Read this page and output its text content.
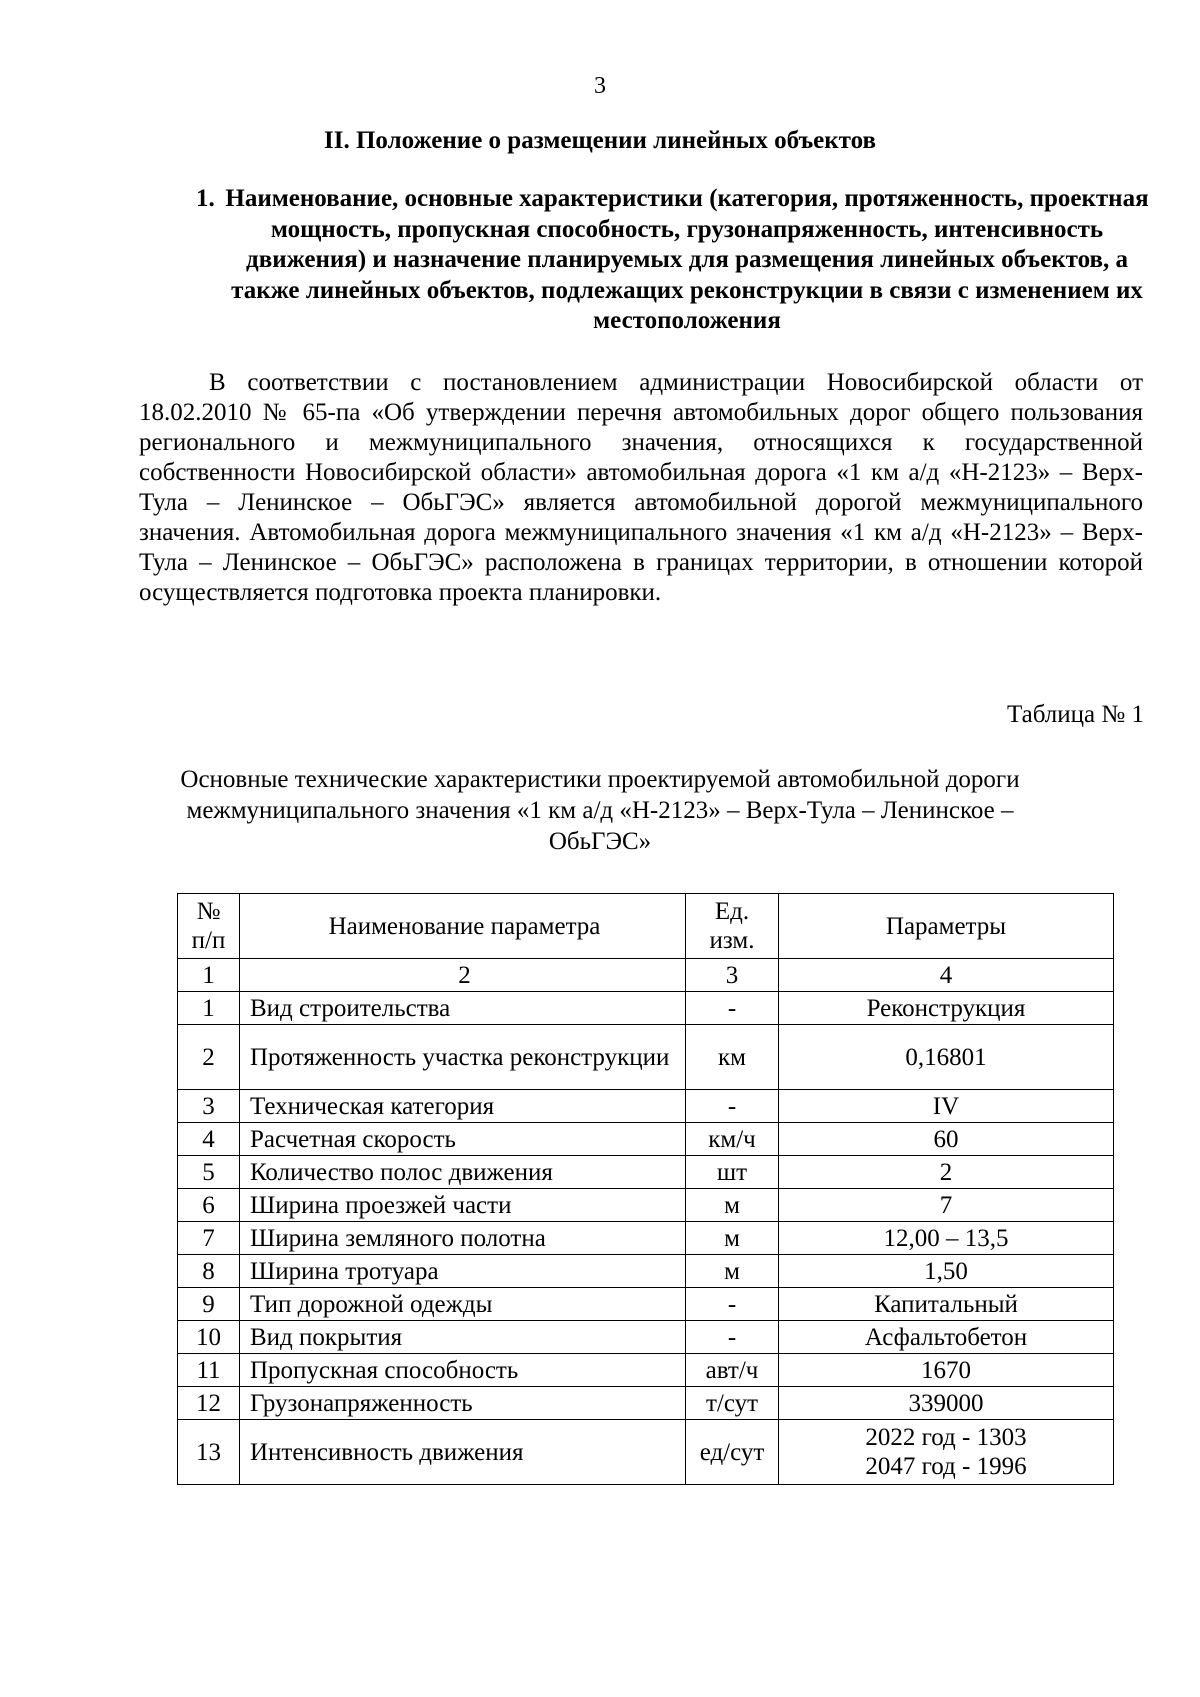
3
II. Положение о размещении линейных объектов
1. Наименование, основные характеристики (категория, протяженность, проектная мощность, пропускная способность, грузонапряженность, интенсивность движения) и назначение планируемых для размещения линейных объектов, а также линейных объектов, подлежащих реконструкции в связи с изменением их местоположения
В соответствии с постановлением администрации Новосибирской области от 18.02.2010 № 65-па «Об утверждении перечня автомобильных дорог общего пользования регионального и межмуниципального значения, относящихся к государственной собственности Новосибирской области» автомобильная дорога «1 км а/д «Н-2123» – Верх-Тула – Ленинское – ОбьГЭС» является автомобильной дорогой межмуниципального значения. Автомобильная дорога межмуниципального значения «1 км а/д «Н-2123» – Верх-Тула – Ленинское – ОбьГЭС» расположена в границах территории, в отношении которой осуществляется подготовка проекта планировки.
Таблица № 1
Основные технические характеристики проектируемой автомобильной дороги межмуниципального значения «1 км а/д «Н-2123» – Верх-Тула – Ленинское – ОбьГЭС»
№ п/п	Наименование параметра	Ед. изм.	Параметры
1	2	3	4
1	Вид строительства	-	Реконструкция
2	Протяженность участка реконструкции	км	0,16801
3	Техническая категория	-	IV
4	Расчетная скорость	км/ч	60
5	Количество полос движения	шт	2
6	Ширина проезжей части	м	7
7	Ширина земляного полотна	м	12,00 – 13,5
8	Ширина тротуара	м	1,50
9	Тип дорожной одежды	-	Капитальный
10	Вид покрытия	-	Асфальтобетон
11	Пропускная способность	авт/ч	1670
12	Грузонапряженность	т/сут	339000
13	Интенсивность движения	ед/сут	2022 год - 1303
2047 год - 1996
